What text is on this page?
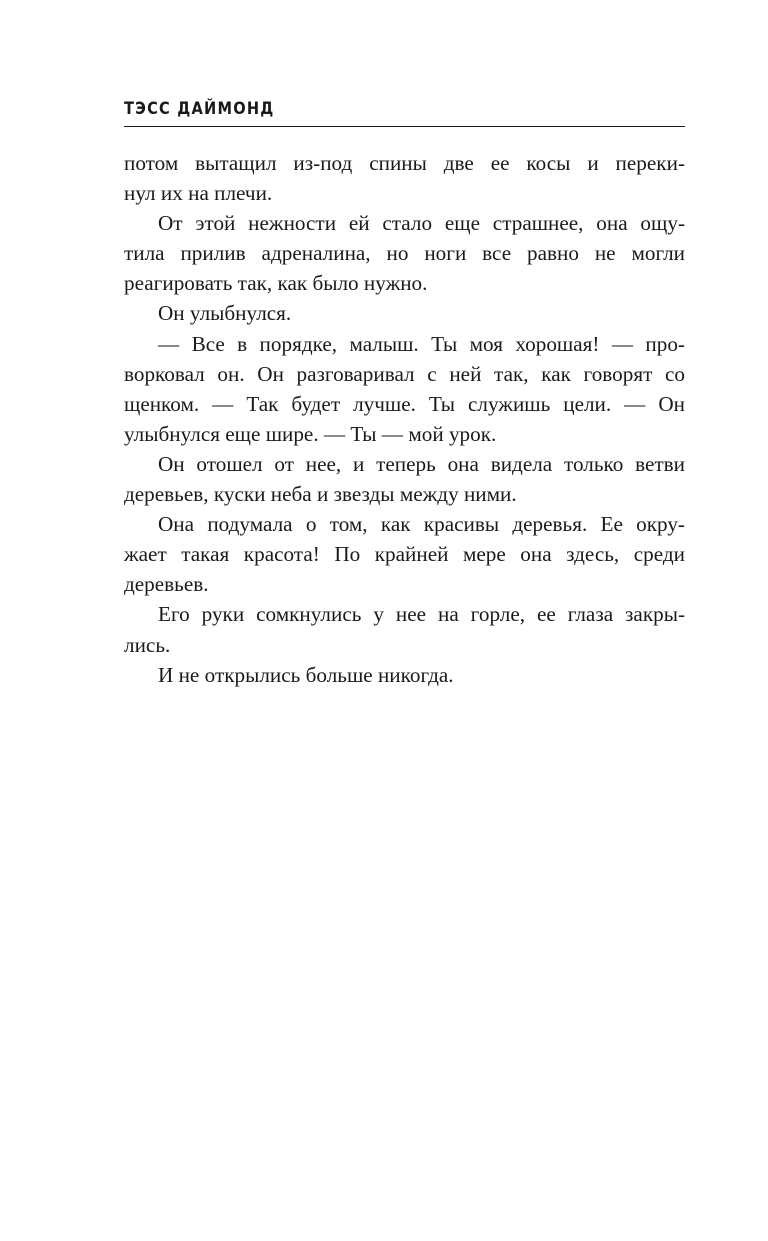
ТЭСС ДАЙМОНД
потом вытащил из-под спины две ее косы и переки-
нул их на плечи.
От этой нежности ей стало еще страшнее, она ощу-
тила прилив адреналина, но ноги все равно не могли
реагировать так, как было нужно.
Он улыбнулся.
— Все в порядке, малыш. Ты моя хорошая! — про-
ворковал он. Он разговаривал с ней так, как говорят со
щенком. — Так будет лучше. Ты служишь цели. — Он
улыбнулся еще шире. — Ты — мой урок.
Он отошел от нее, и теперь она видела только ветви
деревьев, куски неба и звезды между ними.
Она подумала о том, как красивы деревья. Ее окру-
жает такая красота! По крайней мере она здесь, среди
деревьев.
Его руки сомкнулись у нее на горле, ее глаза закры-
лись.
И не открылись больше никогда.
